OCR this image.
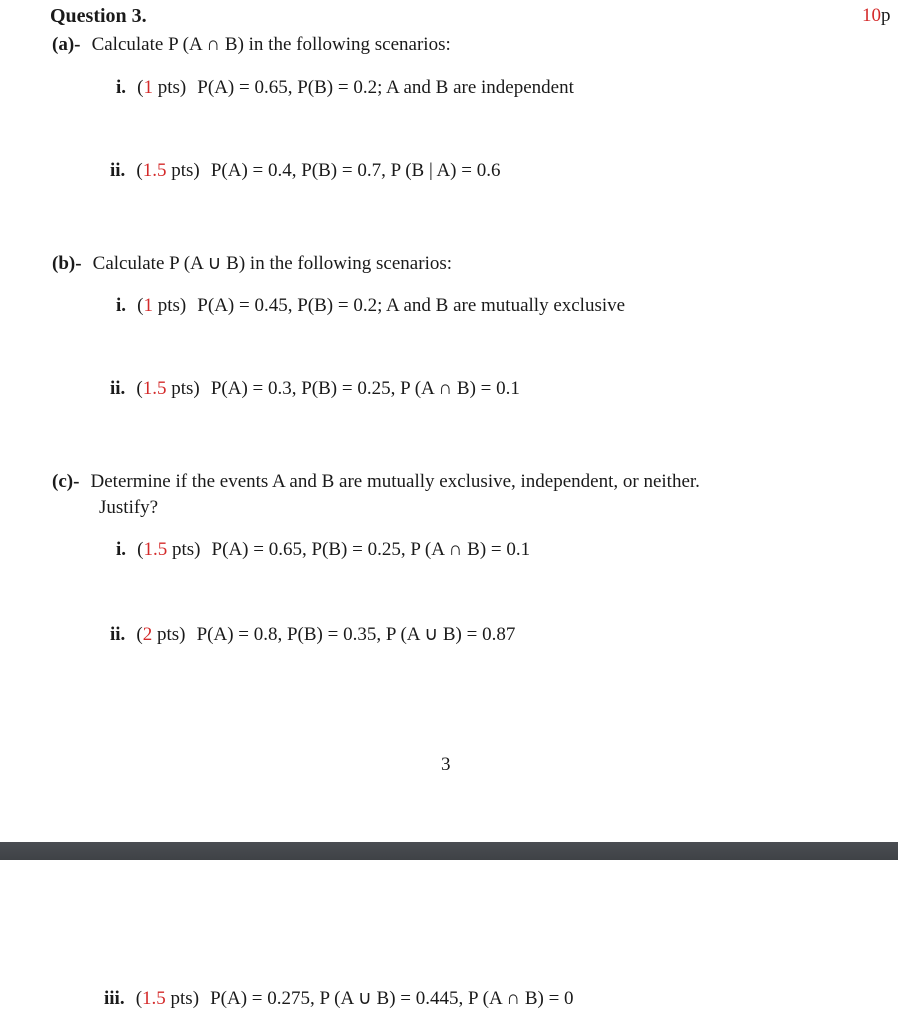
Question 3.	10p
(a)- Calculate P (A ∩ B) in the following scenarios:
i. (1 pts) P(A) = 0.65, P(B) = 0.2; A and B are independent
ii. (1.5 pts) P(A) = 0.4, P(B) = 0.7, P (B | A) = 0.6
(b)- Calculate P (A ∪ B) in the following scenarios:
i. (1 pts) P(A) = 0.45, P(B) = 0.2; A and B are mutually exclusive
ii. (1.5 pts) P(A) = 0.3, P(B) = 0.25, P (A ∩ B) = 0.1
(c)- Determine if the events A and B are mutually exclusive, independent, or neither.
Justify?
i. (1.5 pts) P(A) = 0.65, P(B) = 0.25, P (A ∩ B) = 0.1
ii. (2 pts) P(A) = 0.8, P(B) = 0.35, P (A ∪ B) = 0.87
3
iii. (1.5 pts) P(A) = 0.275, P (A ∪ B) = 0.445, P (A ∩ B) = 0
